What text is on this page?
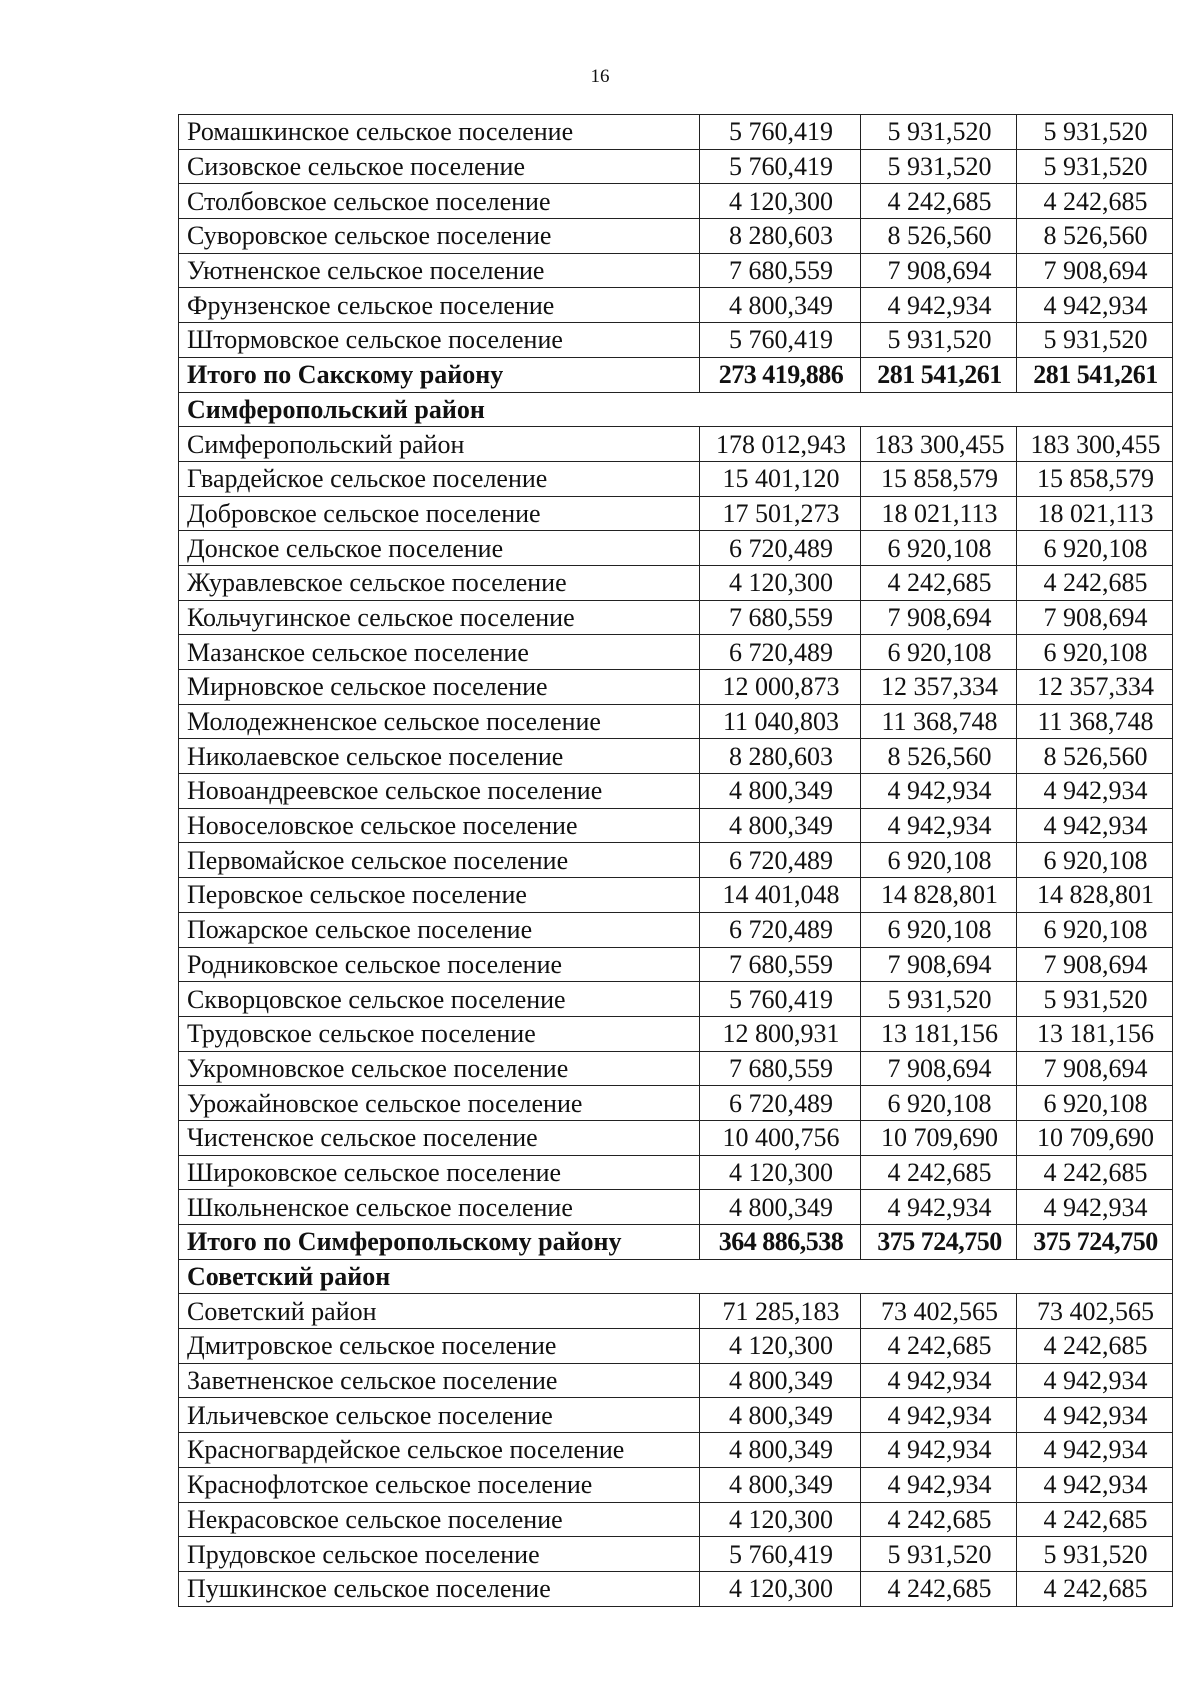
16
Ромашкинское сельское поселение	5 760,419	5 931,520	5 931,520
Сизовское сельское поселение	5 760,419	5 931,520	5 931,520
Столбовское сельское поселение	4 120,300	4 242,685	4 242,685
Суворовское сельское поселение	8 280,603	8 526,560	8 526,560
Уютненское сельское поселение	7 680,559	7 908,694	7 908,694
Фрунзенское сельское поселение	4 800,349	4 942,934	4 942,934
Штормовское сельское поселение	5 760,419	5 931,520	5 931,520
Итого по Сакскому району	273 419,886	281 541,261	281 541,261
Симферопольский район			
Симферопольский район	178 012,943	183 300,455	183 300,455
Гвардейское сельское поселение	15 401,120	15 858,579	15 858,579
Добровское сельское поселение	17 501,273	18 021,113	18 021,113
Донское сельское поселение	6 720,489	6 920,108	6 920,108
Журавлевское сельское поселение	4 120,300	4 242,685	4 242,685
Кольчугинское сельское поселение	7 680,559	7 908,694	7 908,694
Мазанское сельское поселение	6 720,489	6 920,108	6 920,108
Мирновское сельское поселение	12 000,873	12 357,334	12 357,334
Молодежненское сельское поселение	11 040,803	11 368,748	11 368,748
Николаевское сельское поселение	8 280,603	8 526,560	8 526,560
Новоандреевское сельское поселение	4 800,349	4 942,934	4 942,934
Новоселовское сельское поселение	4 800,349	4 942,934	4 942,934
Первомайское сельское поселение	6 720,489	6 920,108	6 920,108
Перовское сельское поселение	14 401,048	14 828,801	14 828,801
Пожарское сельское поселение	6 720,489	6 920,108	6 920,108
Родниковское сельское поселение	7 680,559	7 908,694	7 908,694
Скворцовское сельское поселение	5 760,419	5 931,520	5 931,520
Трудовское сельское поселение	12 800,931	13 181,156	13 181,156
Укромновское сельское поселение	7 680,559	7 908,694	7 908,694
Урожайновское сельское поселение	6 720,489	6 920,108	6 920,108
Чистенское сельское поселение	10 400,756	10 709,690	10 709,690
Широковское сельское поселение	4 120,300	4 242,685	4 242,685
Школьненское сельское поселение	4 800,349	4 942,934	4 942,934
Итого по Симферопольскому району	364 886,538	375 724,750	375 724,750
Советский район			
Советский район	71 285,183	73 402,565	73 402,565
Дмитровское сельское поселение	4 120,300	4 242,685	4 242,685
Заветненское сельское поселение	4 800,349	4 942,934	4 942,934
Ильичевское сельское поселение	4 800,349	4 942,934	4 942,934
Красногвардейское сельское поселение	4 800,349	4 942,934	4 942,934
Краснофлотское сельское поселение	4 800,349	4 942,934	4 942,934
Некрасовское сельское поселение	4 120,300	4 242,685	4 242,685
Прудовское сельское поселение	5 760,419	5 931,520	5 931,520
Пушкинское сельское поселение	4 120,300	4 242,685	4 242,685
